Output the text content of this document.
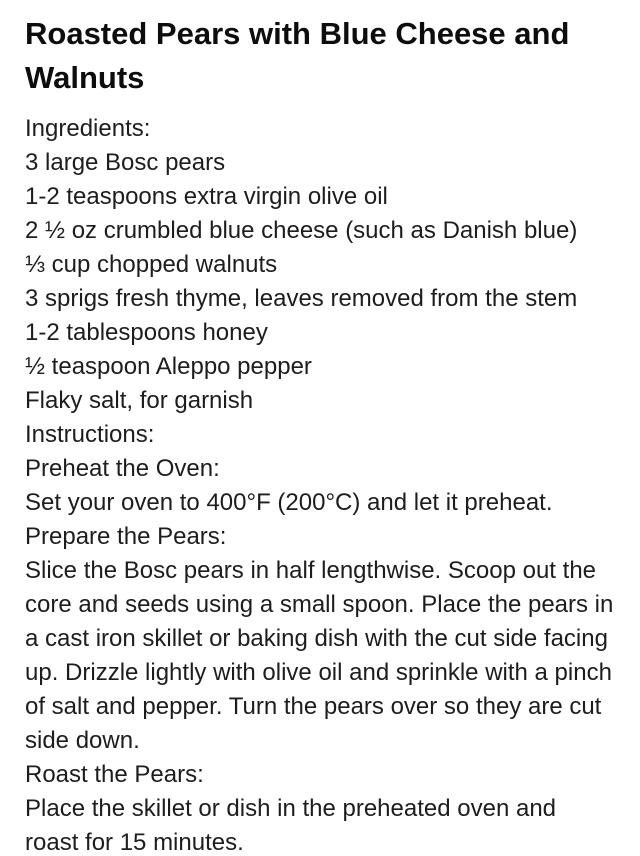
Roasted Pears with Blue Cheese and Walnuts

Ingredients:

3 large Bosc pears

1-2 teaspoons extra virgin olive oil

2 ½ oz crumbled blue cheese (such as Danish blue)

⅓ cup chopped walnuts

3 sprigs fresh thyme, leaves removed from the stem

1-2 tablespoons honey

½ teaspoon Aleppo pepper

Flaky salt, for garnish

Instructions:

Preheat the Oven:

Set your oven to 400°F (200°C) and let it preheat.

Prepare the Pears:

Slice the Bosc pears in half lengthwise. Scoop out the core and seeds using a small spoon. Place the pears in a cast iron skillet or baking dish with the cut side facing up. Drizzle lightly with olive oil and sprinkle with a pinch of salt and pepper. Turn the pears over so they are cut side down.

Roast the Pears:

Place the skillet or dish in the preheated oven and roast for 15 minutes.
